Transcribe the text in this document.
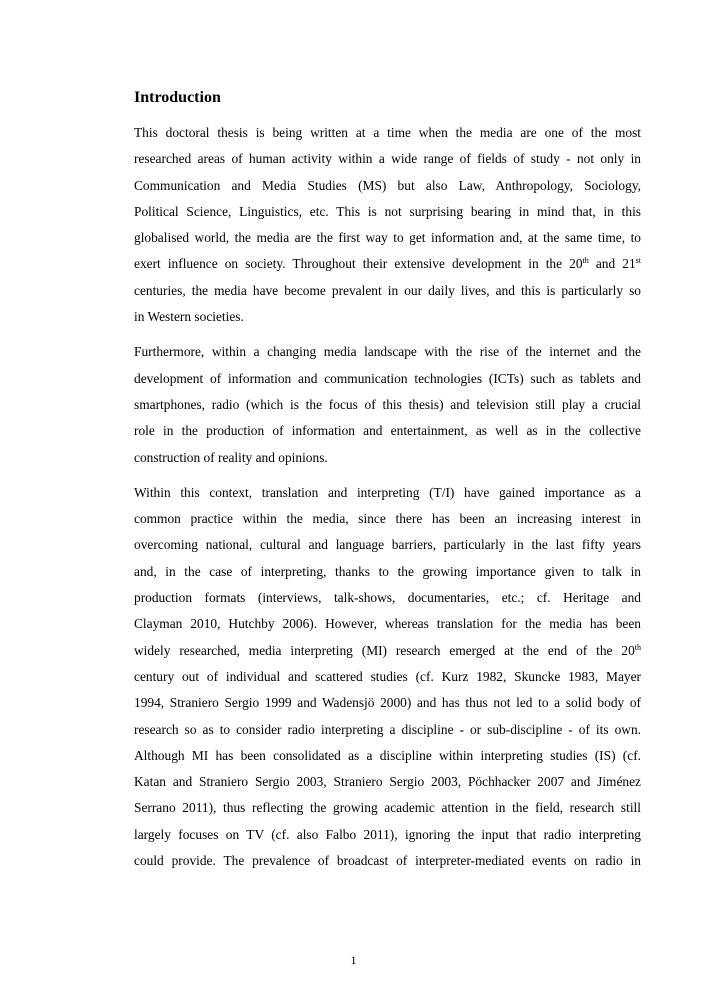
Introduction
This doctoral thesis is being written at a time when the media are one of the most
researched areas of human activity within a wide range of fields of study - not only in
Communication and Media Studies (MS) but also Law, Anthropology, Sociology,
Political Science, Linguistics, etc. This is not surprising bearing in mind that, in this
globalised world, the media are the first way to get information and, at the same time, to
exert influence on society. Throughout their extensive development in the 20th and 21st
centuries, the media have become prevalent in our daily lives, and this is particularly so
in Western societies.
Furthermore, within a changing media landscape with the rise of the internet and the
development of information and communication technologies (ICTs) such as tablets and
smartphones, radio (which is the focus of this thesis) and television still play a crucial
role in the production of information and entertainment, as well as in the collective
construction of reality and opinions.
Within this context, translation and interpreting (T/I) have gained importance as a
common practice within the media, since there has been an increasing interest in
overcoming national, cultural and language barriers, particularly in the last fifty years
and, in the case of interpreting, thanks to the growing importance given to talk in
production formats (interviews, talk-shows, documentaries, etc.; cf. Heritage and
Clayman 2010, Hutchby 2006). However, whereas translation for the media has been
widely researched, media interpreting (MI) research emerged at the end of the 20th
century out of individual and scattered studies (cf. Kurz 1982, Skuncke 1983, Mayer
1994, Straniero Sergio 1999 and Wadensjö 2000) and has thus not led to a solid body of
research so as to consider radio interpreting a discipline - or sub-discipline - of its own.
Although MI has been consolidated as a discipline within interpreting studies (IS) (cf.
Katan and Straniero Sergio 2003, Straniero Sergio 2003, Pöchhacker 2007 and Jiménez
Serrano 2011), thus reflecting the growing academic attention in the field, research still
largely focuses on TV (cf. also Falbo 2011), ignoring the input that radio interpreting
could provide. The prevalence of broadcast of interpreter-mediated events on radio in
1
